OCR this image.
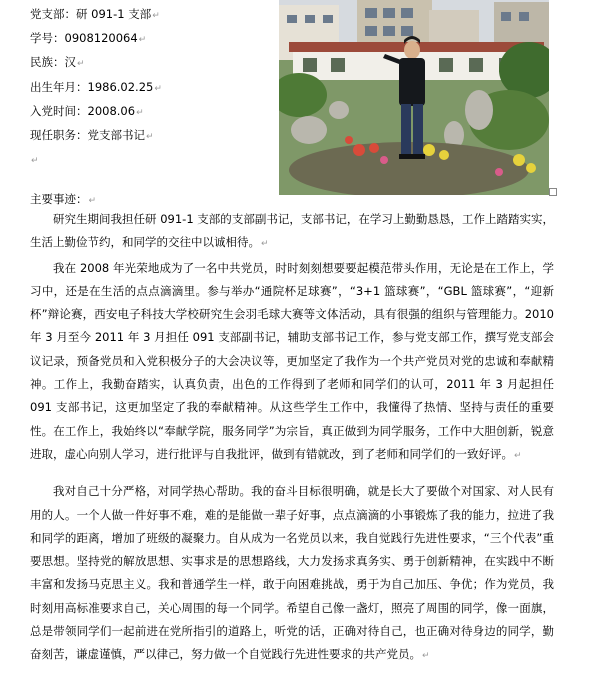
党支部：研 091-1 支部↵
学号：0908120064↵
民族：汉↵
出生年月：1986.02.25↵
入党时间：2008.06↵
现任职务：党支部书记↵
↵
主要事迹：↵

研究生期间我担任研 091-1 支部的支部副书记，支部书记，在学习上勤勤恳恳，工作上踏踏实实，生活上勤俭节约，和同学的交往中以诚相待。↵

我在 2008 年光荣地成为了一名中共党员，时时刻刻想要要起模范带头作用，无论是在工作上，学习中，还是在生活的点点滴滴里。参与举办“通院杯足球赛”，“3+1 篮球赛”，“GBL 篮球赛”，“迎新杯”辩论赛，西安电子科技大学校研究生会羽毛球大赛等文体活动，具有很强的组织与管理能力。2010 年 3 月至今 2011 年 3 月担任 091 支部副书记，辅助支部书记工作，参与党支部工作，撰写党支部会议记录，预备党员和入党积极分子的大会决议等，更加坚定了我作为一个共产党员对党的忠诚和奉献精神。工作上，我勤奋踏实，认真负责，出色的工作得到了老师和同学们的认可，2011 年 3 月起担任 091 支部书记，这更加坚定了我的奉献精神。从这些学生工作中，我懂得了热情、坚持与责任的重要性。在工作上，我始终以“奉献学院，服务同学”为宗旨，真正做到为同学服务，工作中大胆创新，锐意进取，虚心向别人学习，进行批评与自我批评，做到有错就改，到了老师和同学们的一致好评。↵

我对自己十分严格，对同学热心帮助。我的奋斗目标很明确，就是长大了要做个对国家、对人民有用的人。一个人做一件好事不难，难的是能做一辈子好事，点点滴滴的小事锻炼了我的能力，拉进了我和同学的距离，增加了班级的凝聚力。自从成为一名党员以来，我自觉践行先进性要求，“三个代表”重要思想。坚持党的解放思想、实事求是的思想路线，大力发扬求真务实、勇于创新精神，在实践中不断丰富和发扬马克思主义。我和普通学生一样，敢于向困难挑战，勇于为自己加压、争优；作为党员，我时刻用高标准要求自己，关心周围的每一个同学。希望自己像一盏灯，照亮了周围的同学，像一面旗，总是带领同学们一起前进在党所指引的道路上，听党的话，正确对待自己，也正确对待身边的同学，勤奋刻苦，谦虚谨慎，严以律己，努力做一个自觉践行先进性要求的共产党员。↵
